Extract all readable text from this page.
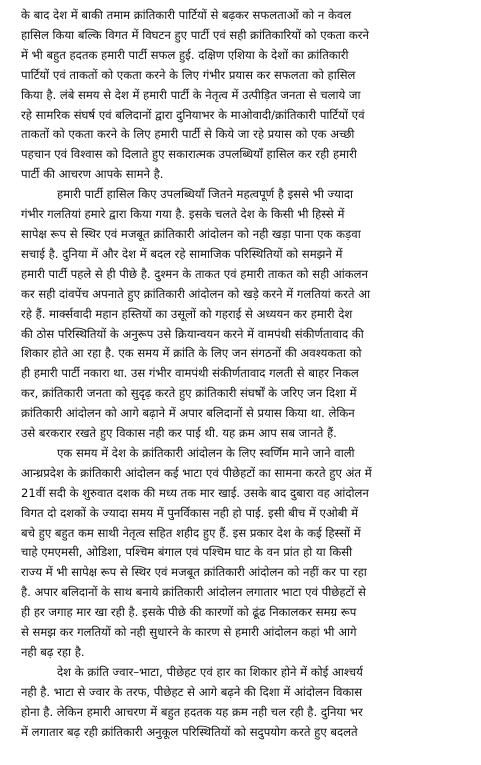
के बाद देश में बाकी तमाम क्रांतिकारी पार्टियों से बढ़कर सफलताओं को न केवल
हासिल किया बल्कि विगत में विघटन हुए पार्टी एवं सही क्रांतिकारियों को एकता करने
में भी बहुत हदतक हमारी पार्टी सफल हुई. दक्षिण एशिया के देशों का क्रांतिकारी
पार्टियों एवं ताकतों को एकता करने के लिए गंभीर प्रयास कर सफलता को हासिल
किया है. लंबे समय से देश में हमारी पार्टी के नेतृत्व में उत्पीड़ित जनता से चलाये जा
रहे सामरिक संघर्ष एवं बलिदानों द्वारा दुनियाभर के माओवादी/क्रांतिकारी पार्टियों एवं
ताकतों को एकता करने के लिए हमारी पार्टी से किये जा रहे प्रयास को एक अच्छी
पहचान एवं विश्वास को दिलाते हुए सकारात्मक उपलब्धियाँ हासिल कर रही हमारी
पार्टी की आचरण आपके सामने है.

हमारी पार्टी हासिल किए उपलब्धियाँ जितने महत्वपूर्ण है इससे भी ज्यादा
गंभीर गलतियां हमारे द्वारा किया गया है. इसके चलते देश के किसी भी हिस्से में
सापेक्ष रूप से स्थिर एवं मजबूत क्रांतिकारी आंदोलन को नही खड़ा पाना एक कड़वा
सचाई है. दुनिया में और देश में बदल रहे सामाजिक परिस्थितियों को समझने में
हमारी पार्टी पहले से ही पीछे है. दुश्मन के ताकत एवं हमारी ताकत को सही आंकलन
कर सही दांवपेंच अपनाते हुए क्रांतिकारी आंदोलन को खड़े करने में गलतियां करते आ
रहे हैं. मार्क्सवादी महान हस्तियों का उसूलों को गहराई से अध्ययन कर हमारी देश
की ठोस परिस्थितियों के अनुरूप उसे क्रियान्वयन करने में वामपंथी संकीर्णतावाद की
शिकार होते आ रहा है. एक समय में क्रांति के लिए जन संगठनों की अवश्यकता को
ही हमारी पार्टी नकारा था. उस गंभीर वामपंथी संकीर्णतावाद गलती से बाहर निकल
कर, क्रांतिकारी जनता को सुदृढ़ करते हुए क्रांतिकारी संघर्षों के जरिए जन दिशा में
क्रांतिकारी आंदोलन को आगे बढ़ाने में अपार बलिदानों से प्रयास किया था. लेकिन
उसे बरकरार रखते हुए विकास नही कर पाई थी. यह क्रम आप सब जानते हैं.

एक समय में देश के क्रांतिकारी आंदोलन के लिए स्वर्णिम माने जाने वाली
आन्ध्रप्रदेश के क्रांतिकारी आंदोलन कई भाटा एवं पीछेहटों का सामना करते हुए अंत में
21वीं सदी के शुरुवात दशक की मध्य तक मार खाई. उसके बाद दुबारा वह आंदोलन
विगत दो दशकों के ज्यादा समय में पुनर्विकास नही हो पाई. इसी बीच में एओबी में
बचे हुए बहुत कम साथी नेतृत्व सहित शहीद हुए हैं. इस प्रकार देश के कई हिस्सों में
चाहे एमएमसी, ओडिशा, पश्चिम बंगाल एवं पश्चिम घाट के वन प्रांत हो या किसी
राज्य में भी सापेक्ष रूप से स्थिर एवं मजबूत क्रांतिकारी आंदोलन को नहीं कर पा रहा
है. अपार बलिदानों के साथ बनाये क्रांतिकारी आंदोलन लगातार भाटा एवं पीछेहटों से
ही हर जगाह मार खा रही है. इसके पीछे की कारणों को ढूंढ निकालकर समग्र रूप
से समझ कर गलतियों को नही सुधारने के कारण से हमारी आंदोलन कहां भी आगे
नही बढ़ रहा है.

देश के क्रांति ज्वार–भाटा, पीछेहट एवं हार का शिकार होने में कोई आश्चर्य
नही है. भाटा से ज्वार के तरफ, पीछेहट से आगे बढ़ने की दिशा में आंदोलन विकास
होना है. लेकिन हमारी आचरण में बहुत हदतक यह क्रम नही चल रही है. दुनिया भर
में लगातार बढ़ रही क्रांतिकारी अनुकूल परिस्थितियों को सदुपयोग करते हुए बदलते
